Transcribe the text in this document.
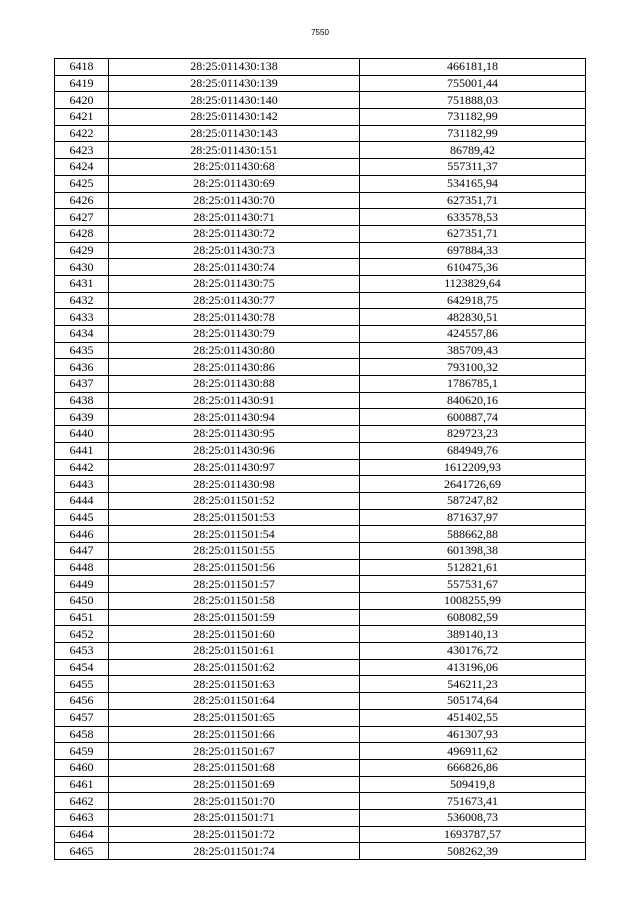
7550
6418	28:25:011430:138	466181,18
6419	28:25:011430:139	755001,44
6420	28:25:011430:140	751888,03
6421	28:25:011430:142	731182,99
6422	28:25:011430:143	731182,99
6423	28:25:011430:151	86789,42
6424	28:25:011430:68	557311,37
6425	28:25:011430:69	534165,94
6426	28:25:011430:70	627351,71
6427	28:25:011430:71	633578,53
6428	28:25:011430:72	627351,71
6429	28:25:011430:73	697884,33
6430	28:25:011430:74	610475,36
6431	28:25:011430:75	1123829,64
6432	28:25:011430:77	642918,75
6433	28:25:011430:78	482830,51
6434	28:25:011430:79	424557,86
6435	28:25:011430:80	385709,43
6436	28:25:011430:86	793100,32
6437	28:25:011430:88	1786785,1
6438	28:25:011430:91	840620,16
6439	28:25:011430:94	600887,74
6440	28:25:011430:95	829723,23
6441	28:25:011430:96	684949,76
6442	28:25:011430:97	1612209,93
6443	28:25:011430:98	2641726,69
6444	28:25:011501:52	587247,82
6445	28:25:011501:53	871637,97
6446	28:25:011501:54	588662,88
6447	28:25:011501:55	601398,38
6448	28:25:011501:56	512821,61
6449	28:25:011501:57	557531,67
6450	28:25:011501:58	1008255,99
6451	28:25:011501:59	608082,59
6452	28:25:011501:60	389140,13
6453	28:25:011501:61	430176,72
6454	28:25:011501:62	413196,06
6455	28:25:011501:63	546211,23
6456	28:25:011501:64	505174,64
6457	28:25:011501:65	451402,55
6458	28:25:011501:66	461307,93
6459	28:25:011501:67	496911,62
6460	28:25:011501:68	666826,86
6461	28:25:011501:69	509419,8
6462	28:25:011501:70	751673,41
6463	28:25:011501:71	536008,73
6464	28:25:011501:72	1693787,57
6465	28:25:011501:74	508262,39
